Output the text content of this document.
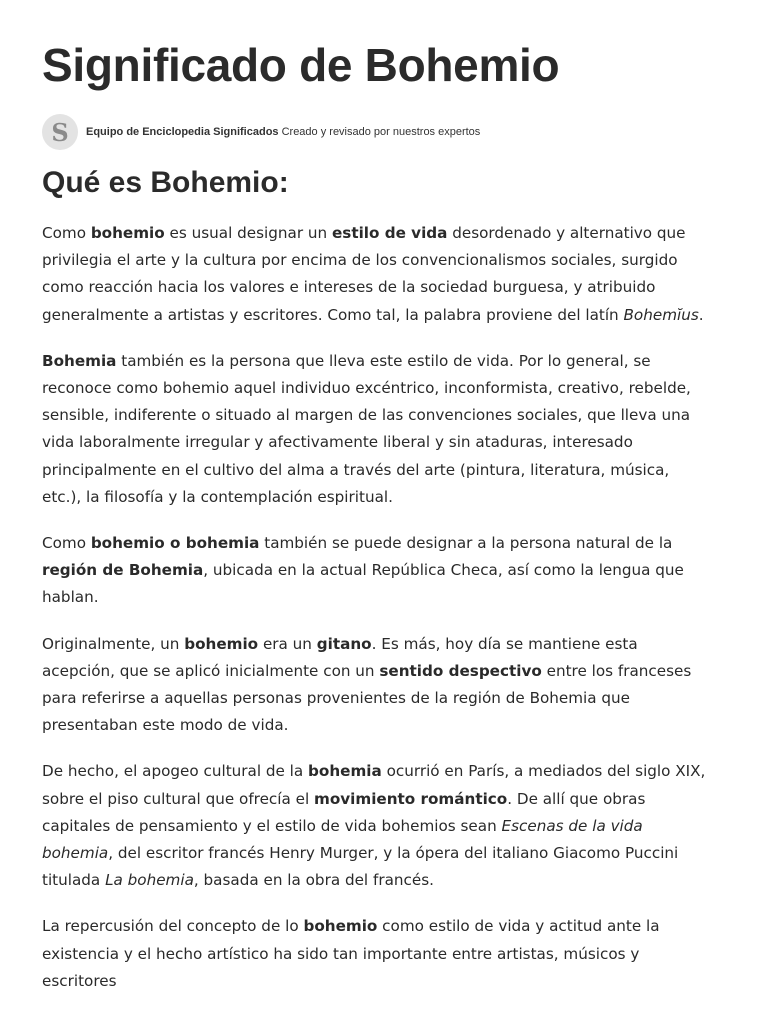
Significado de Bohemio
S	Equipo de Enciclopedia Significados Creado y revisado por nuestros expertos
Qué es Bohemio:

Como bohemio es usual designar un estilo de vida desordenado y alternativo que privilegia el arte y la cultura por encima de los convencionalismos sociales, surgido como reacción hacia los valores e intereses de la sociedad burguesa, y atribuido generalmente a artistas y escritores. Como tal, la palabra proviene del latín Bohemĭus.

Bohemia también es la persona que lleva este estilo de vida. Por lo general, se reconoce como bohemio aquel individuo excéntrico, inconformista, creativo, rebelde, sensible, indiferente o situado al margen de las convenciones sociales, que lleva una vida laboralmente irregular y afectivamente liberal y sin ataduras, interesado principalmente en el cultivo del alma a través del arte (pintura, literatura, música, etc.), la filosofía y la contemplación espiritual.

Como bohemio o bohemia también se puede designar a la persona natural de la región de Bohemia, ubicada en la actual República Checa, así como la lengua que hablan.

Originalmente, un bohemio era un gitano. Es más, hoy día se mantiene esta acepción, que se aplicó inicialmente con un sentido despectivo entre los franceses para referirse a aquellas personas provenientes de la región de Bohemia que presentaban este modo de vida.

De hecho, el apogeo cultural de la bohemia ocurrió en París, a mediados del siglo XIX, sobre el piso cultural que ofrecía el movimiento romántico. De allí que obras capitales de pensamiento y el estilo de vida bohemios sean Escenas de la vida bohemia, del escritor francés Henry Murger, y la ópera del italiano Giacomo Puccini titulada La bohemia, basada en la obra del francés.

La repercusión del concepto de lo bohemio como estilo de vida y actitud ante la existencia y el hecho artístico ha sido tan importante entre artistas, músicos y escritores
